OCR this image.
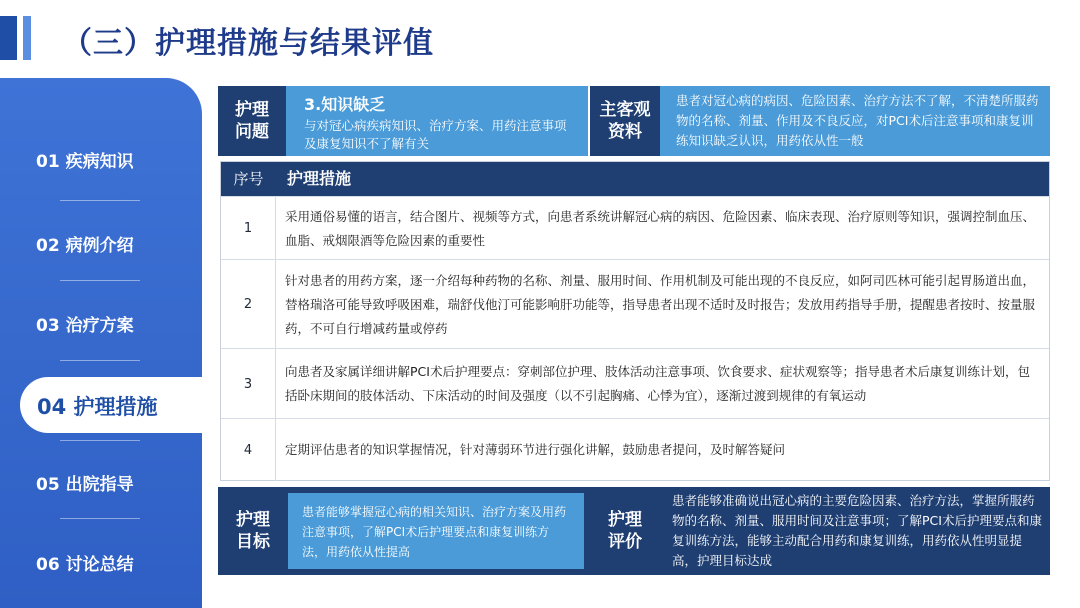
（三）护理措施与结果评值
01 疾病知识
02 病例介绍
03 治疗方案
05 出院指导
06 讨论总结
04 护理措施
护理
问题
3.知识缺乏
与对冠心病疾病知识、治疗方案、用药注意事项及康复知识不了解有关
主客观
资料
患者对冠心病的病因、危险因素、治疗方法不了解，不清楚所服药物的名称、剂量、作用及不良反应，对PCI术后注意事项和康复训练知识缺乏认识，用药依从性一般
序号	护理措施
1
采用通俗易懂的语言，结合图片、视频等方式，向患者系统讲解冠心病的病因、危险因素、临床表现、治疗原则等知识，强调控制血压、血脂、戒烟限酒等危险因素的重要性
2
针对患者的用药方案，逐一介绍每种药物的名称、剂量、服用时间、作用机制及可能出现的不良反应，如阿司匹林可能引起胃肠道出血，替格瑞洛可能导致呼吸困难，瑞舒伐他汀可能影响肝功能等，指导患者出现不适时及时报告；发放用药指导手册，提醒患者按时、按量服药，不可自行增减药量或停药
3
向患者及家属详细讲解PCI术后护理要点：穿刺部位护理、肢体活动注意事项、饮食要求、症状观察等；指导患者术后康复训练计划，包括卧床期间的肢体活动、下床活动的时间及强度（以不引起胸痛、心悸为宜），逐渐过渡到规律的有氧运动
4	定期评估患者的知识掌握情况，针对薄弱环节进行强化讲解，鼓励患者提问，及时解答疑问
护理
目标
患者能够掌握冠心病的相关知识、治疗方案及用药注意事项，了解PCI术后护理要点和康复训练方法，用药依从性提高
护理
评价
患者能够准确说出冠心病的主要危险因素、治疗方法，掌握所服药物的名称、剂量、服用时间及注意事项；了解PCI术后护理要点和康复训练方法，能够主动配合用药和康复训练，用药依从性明显提高，护理目标达成
